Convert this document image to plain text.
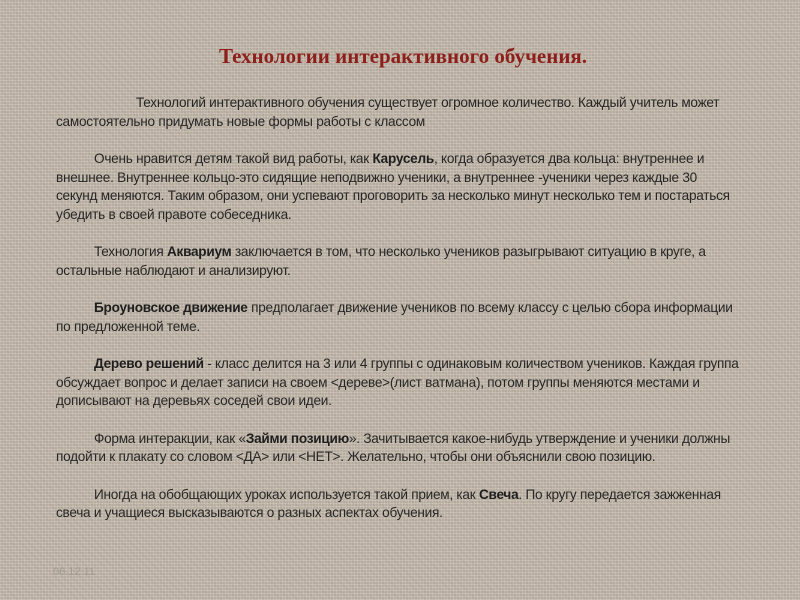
Технологии интерактивного обучения.

Технологий интерактивного обучения существует огромное количество. Каждый учитель может самостоятельно придумать новые формы работы с классом

Очень нравится детям такой вид работы, как Карусель, когда образуется два кольца: внутреннее и внешнее. Внутреннее кольцо-это сидящие неподвижно ученики, а внутреннее -ученики через каждые 30 секунд меняются. Таким образом, они успевают проговорить за несколько минут несколько тем и постараться убедить в своей правоте собеседника.

Технология Аквариум заключается в том, что несколько учеников разыгрывают ситуацию в круге, а остальные наблюдают и анализируют.

Броуновское движение предполагает движение учеников по всему классу с целью сбора информации по предложенной теме.

Дерево решений - класс делится на 3 или 4 группы с одинаковым количеством учеников. Каждая группа обсуждает вопрос и делает записи на своем <дереве>(лист ватмана), потом группы меняются местами и дописывают на деревьях соседей свои идеи.

Форма интеракции, как «Займи позицию». Зачитывается какое-нибудь утверждение и ученики должны подойти к плакату со словом <ДА> или <НЕТ>. Желательно, чтобы они объяснили свою позицию.

Иногда на обобщающих уроках используется такой прием, как Свеча. По кругу передается зажженная свеча и учащиеся высказываются о разных аспектах обучения.

06.12.11
